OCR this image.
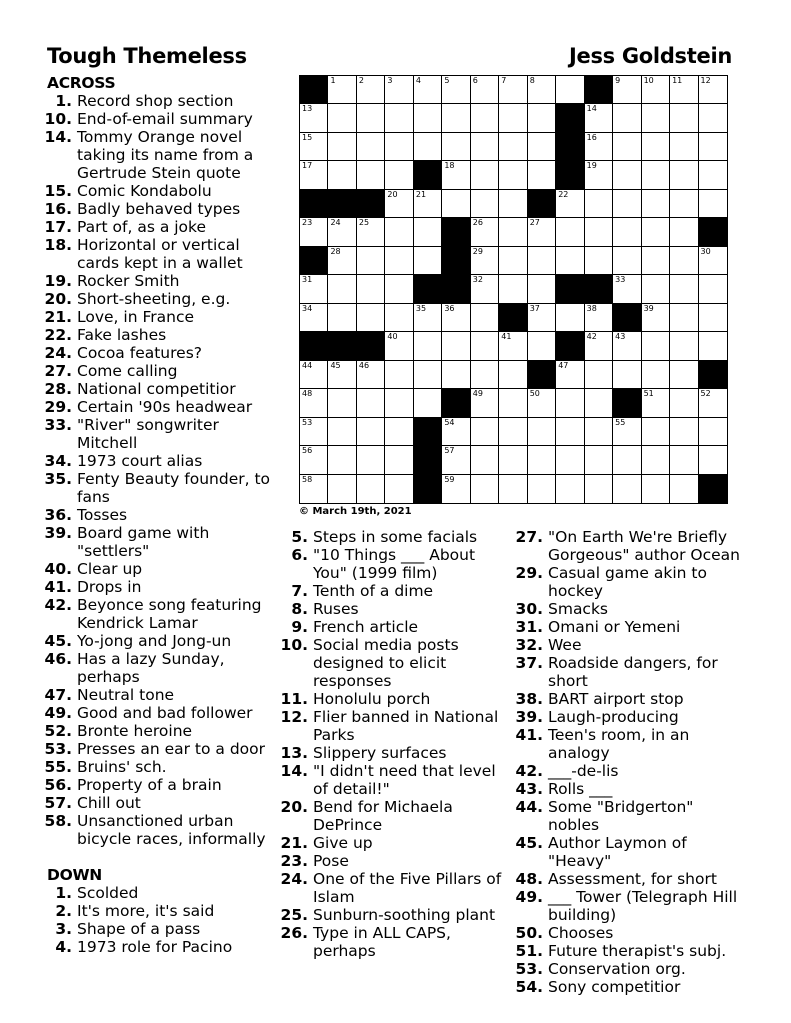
Tough Themeless	Jess Goldstein
ACROSS
1. Record shop section
10. End-of-email summary
14. Tommy Orange novel taking its name from a Gertrude Stein quote
15. Comic Kondabolu
16. Badly behaved types
17. Part of, as a joke
18. Horizontal or vertical cards kept in a wallet
19. Rocker Smith
20. Short-sheeting, e.g.
21. Love, in France
22. Fake lashes
24. Cocoa features?
27. Come calling
28. National competitior
29. Certain '90s headwear
33. "River" songwriter Mitchell
34. 1973 court alias
35. Fenty Beauty founder, to fans
36. Tosses
39. Board game with "settlers"
40. Clear up
41. Drops in
42. Beyonce song featuring Kendrick Lamar
45. Yo-jong and Jong-un
46. Has a lazy Sunday, perhaps
47. Neutral tone
49. Good and bad follower
52. Bronte heroine
53. Presses an ear to a door
55. Bruins' sch.
56. Property of a brain
57. Chill out
58. Unsanctioned urban bicycle races, informally
DOWN
1. Scolded
2. It's more, it's said
3. Shape of a pass
4. 1973 role for Pacino
5. Steps in some facials
6. "10 Things ___ About You" (1999 film)
7. Tenth of a dime
8. Ruses
9. French article
10. Social media posts designed to elicit responses
11. Honolulu porch
12. Flier banned in National Parks
13. Slippery surfaces
14. "I didn't need that level of detail!"
20. Bend for Michaela DePrince
21. Give up
23. Pose
24. One of the Five Pillars of Islam
25. Sunburn-soothing plant
26. Type in ALL CAPS, perhaps
27. "On Earth We're Briefly Gorgeous" author Ocean
29. Casual game akin to hockey
30. Smacks
31. Omani or Yemeni
32. Wee
37. Roadside dangers, for short
38. BART airport stop
39. Laugh-producing
41. Teen's room, in an analogy
42. ___-de-lis
43. Rolls ___
44. Some "Bridgerton" nobles
45. Author Laymon of "Heavy"
48. Assessment, for short
49. ___ Tower (Telegraph Hill building)
50. Chooses
51. Future therapist's subj.
53. Conservation org.
54. Sony competitior
1	2	3	4	5	6	7	8	9	10 11 12
13	14
15	16
17	18	19
20 21	22
23 24 25	26	27
28	29	30
31	32	33
34	35 36	37	38	39
40	41	42 43
44 45 46	47
48	49	50	51	52
53	54	55
56	57
58	59
© March 19th, 2021
